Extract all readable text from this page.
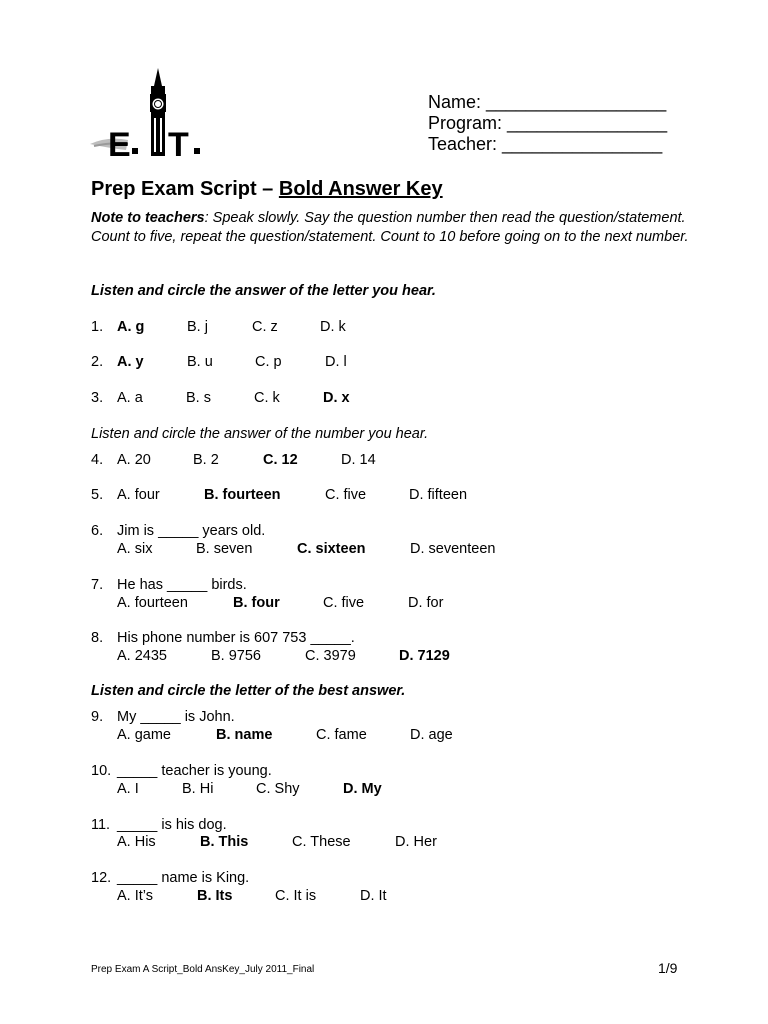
E T
Name: __________________
Program: ________________
Teacher: ________________
Prep Exam Script – Bold Answer Key
Note to teachers: Speak slowly. Say the question number then read the question/statement. Count to five, repeat the question/statement. Count to 10 before going on to the next number.
Listen and circle the answer of the letter you hear.
Listen and circle the answer of the number you hear.
Listen and circle the letter of the best answer.
1. A. g	B. j	C. z	D. k
2. A. y	B. u	C. p	D. l
3. A. a	B. s	C. k	D. x
4. A. 20	B. 2	C. 12	D. 14
5. A. four	B. fourteen	C. five	D. fifteen
6. Jim is _____ years old.
A. six	B. seven	C. sixteen	D. seventeen
7. He has _____ birds.
A. fourteen	B. four	C. five	D. for
8. His phone number is 607 753 _____.
A. 2435	B. 9756	C. 3979	D. 7129
9. My _____ is John.
A. game	B. name	C. fame	D. age
10. _____ teacher is young.
A. I	B. Hi	C. Shy	D. My
11. _____ is his dog.
A. His	B. This	C. These	D. Her
12. _____ name is King.
A. It’s	B. Its	C. It is	D. It
Prep Exam A Script_Bold AnsKey_July 2011_Final	1/9
